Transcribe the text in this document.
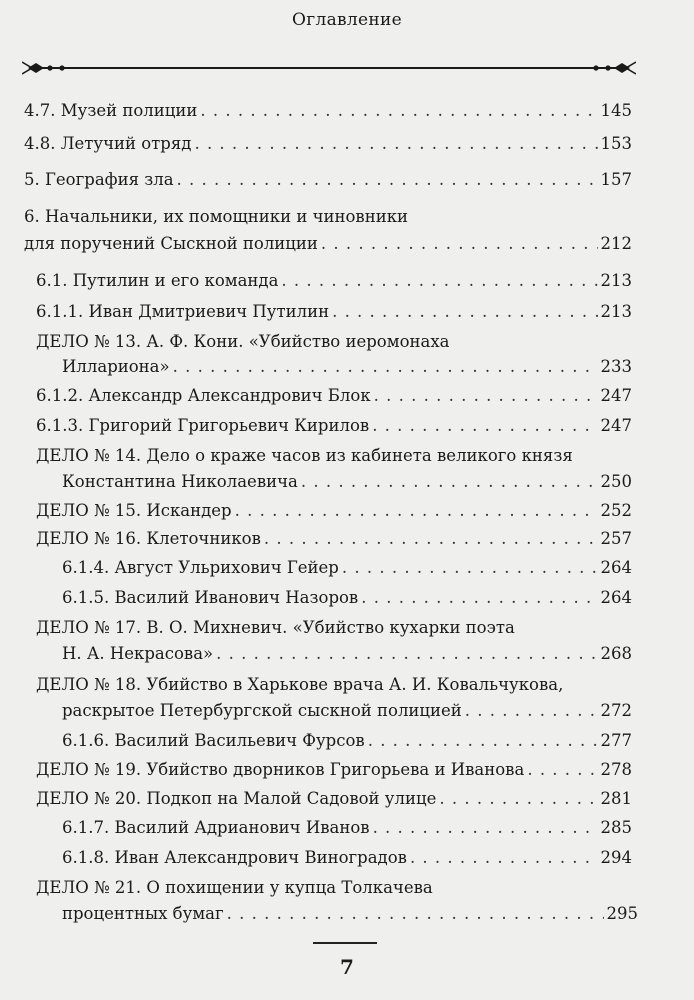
Оглавление
4.7. Музей полиции . . .	145
4.8. Летучий отряд . . .	153
5. География зла . . .	157
6. Начальники, их помощники и чиновники
для поручений Сыскной полиции . . .	212
6.1. Путилин и его команда . . .	213
6.1.1. Иван Дмитриевич Путилин . . .	213
ДЕЛО № 13. А. Ф. Кони. «Убийство иеромонаха
Иллариона» . . .	233
6.1.2. Александр Александрович Блок . . .	247
6.1.3. Григорий Григорьевич Кирилов . . .	247
ДЕЛО № 14. Дело о краже часов из кабинета великого князя
Константина Николаевича . . .	250
ДЕЛО № 15. Искандер . . .	252
ДЕЛО № 16. Клеточников . . .	257
6.1.4. Август Ульрихович Гейер . . .	264
6.1.5. Василий Иванович Назоров . . .	264
ДЕЛО № 17. В. О. Михневич. «Убийство кухарки поэта
Н. А. Некрасова» . . .	268
ДЕЛО № 18. Убийство в Харькове врача А. И. Ковальчукова,
раскрытое Петербургской сыскной полицией . . .	272
6.1.6. Василий Васильевич Фурсов . . .	277
ДЕЛО № 19. Убийство дворников Григорьева и Иванова . . .	278
ДЕЛО № 20. Подкоп на Малой Садовой улице . . .	281
6.1.7. Василий Адрианович Иванов . . .	285
6.1.8. Иван Александрович Виноградов . . .	294
ДЕЛО № 21. О похищении у купца Толкачева
процентных бумаг . . .	295
7
